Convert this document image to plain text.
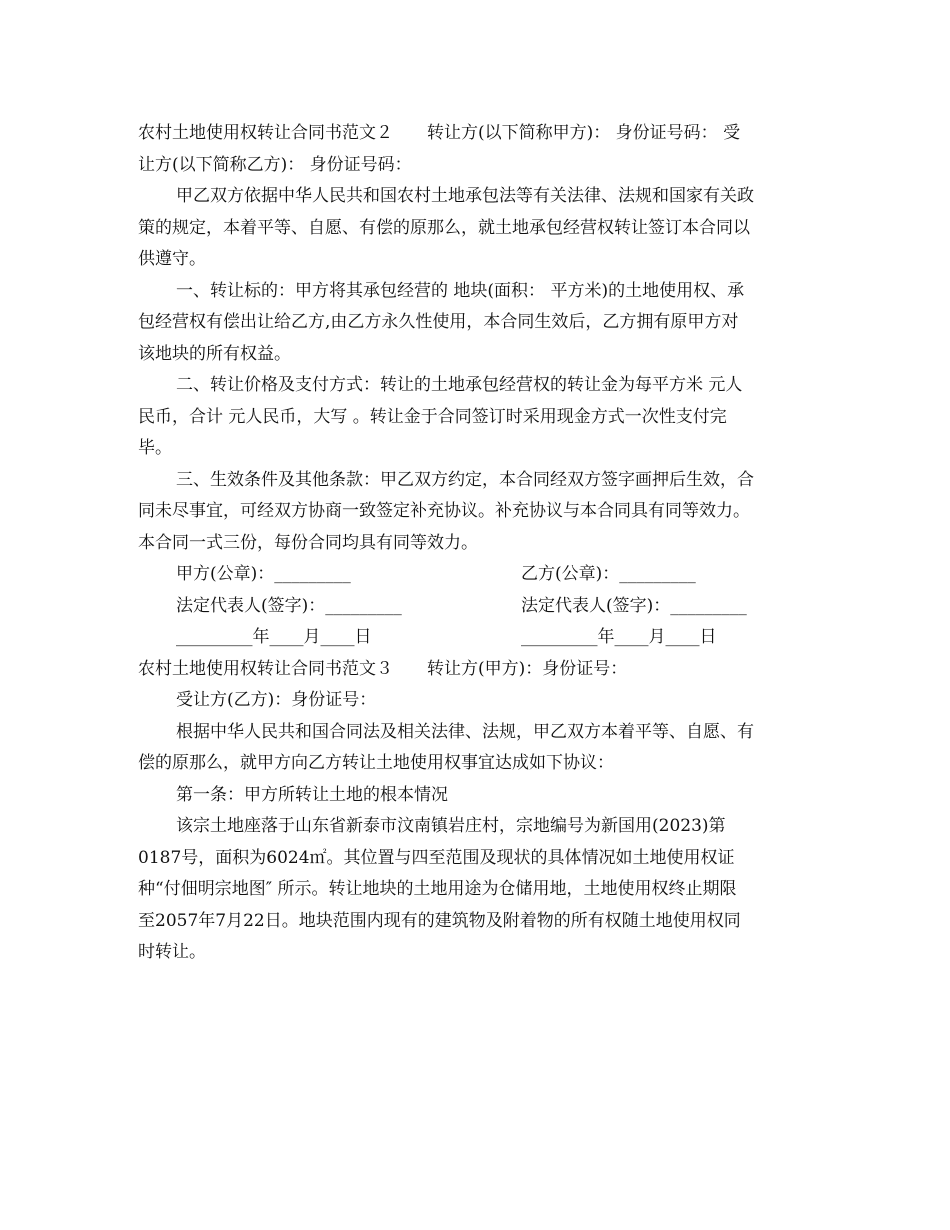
农村土地使用权转让合同书范文２　　转让方(以下简称甲方)： 身份证号码： 受
让方(以下简称乙方)： 身份证号码：
甲乙双方依据中华人民共和国农村土地承包法等有关法律、法规和国家有关政
策的规定，本着平等、自愿、有偿的原那么，就土地承包经营权转让签订本合同以
供遵守。
一、转让标的：甲方将其承包经营的 地块(面积： 平方米)的土地使用权、承
包经营权有偿出让给乙方,由乙方永久性使用，本合同生效后，乙方拥有原甲方对
该地块的所有权益。
二、转让价格及支付方式：转让的土地承包经营权的转让金为每平方米 元人
民币，合计 元人民币，大写 。转让金于合同签订时采用现金方式一次性支付完
毕。
三、生效条件及其他条款：甲乙双方约定，本合同经双方签字画押后生效，合
同未尽事宜，可经双方协商一致签定补充协议。补充协议与本合同具有同等效力。
本合同一式三份，每份合同均具有同等效力。
甲方(公章)：_________	乙方(公章)：_________
法定代表人(签字)：_________	法定代表人(签字)：_________
_________年____月____日	_________年____月____日
农村土地使用权转让合同书范文３　　转让方(甲方)：身份证号：
受让方(乙方)：身份证号：
根据中华人民共和国合同法及相关法律、法规，甲乙双方本着平等、自愿、有
偿的原那么，就甲方向乙方转让土地使用权事宜达成如下协议：
第一条：甲方所转让土地的根本情况
该宗土地座落于山东省新泰市汶南镇岩庄村，宗地编号为新国用(2023)第
0187号，面积为6024㎡。其位置与四至范围及现状的具体情况如土地使用权证
种“付佃明宗地图″ 所示。转让地块的土地用途为仓储用地，土地使用权终止期限
至2057年7月22日。地块范围内现有的建筑物及附着物的所有权随土地使用权同
时转让。
